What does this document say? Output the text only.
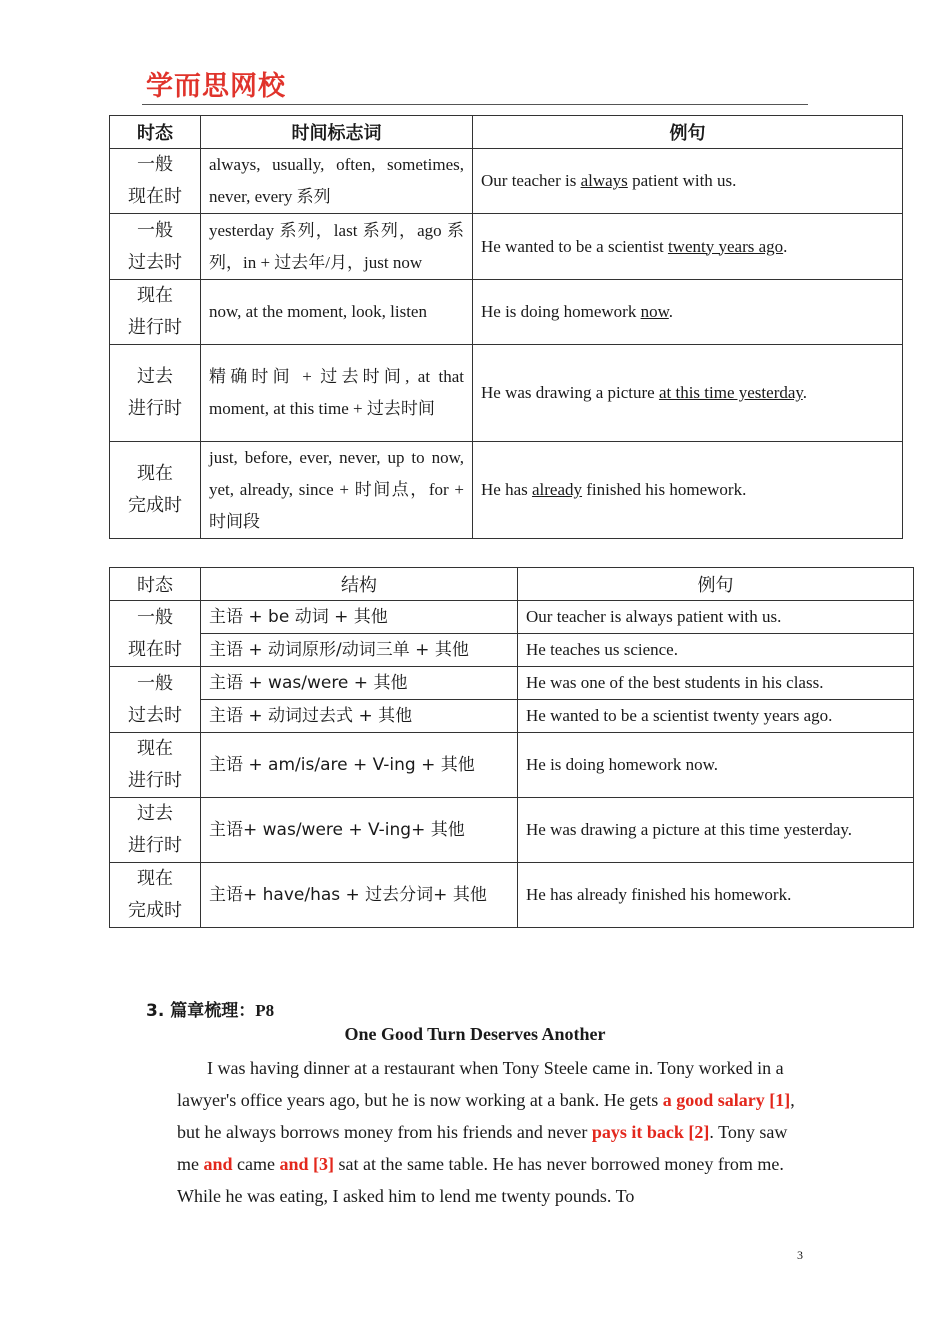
学而思网校
时态	时间标志词	例句

一般
现在时	always, usually, often, sometimes, never, every 系列	Our teacher is always patient with us.

一般
过去时	yesterday 系列，last 系列，ago 系列，in + 过去年/月，just now	He wanted to be a scientist twenty years ago.

现在
进行时	now, at the moment, look, listen	He is doing homework now.

过去
进行时	精确时间 + 过去时间, at that moment, at this time + 过去时间	He was drawing a picture at this time yesterday.

现在
完成时	just, before, ever, never, up to now, yet, already, since + 时间点，for + 时间段	He has already finished his homework.
时态	结构	例句

一般
现在时	主语 + be 动词 + 其他	Our teacher is always patient with us.
	主语 + 动词原形/动词三单 + 其他	He teaches us science.

一般
过去时	主语 + was/were + 其他	He was one of the best students in his class.
	主语 + 动词过去式 + 其他	He wanted to be a scientist twenty years ago.

现在
进行时	主语 + am/is/are + V-ing + 其他	He is doing homework now.

过去
进行时	主语+ was/were + V-ing+ 其他	He was drawing a picture at this time yesterday.

现在
完成时	主语+ have/has + 过去分词+ 其他	He has already finished his homework.
3. 篇章梳理：P8
One Good Turn Deserves Another

I was having dinner at a restaurant when Tony Steele came in. Tony worked in a lawyer's office years ago, but he is now working at a bank. He gets a good salary [1], but he always borrows money from his friends and never pays it back [2]. Tony saw me and came and [3] sat at the same table. He has never borrowed money from me. While he was eating, I asked him to lend me twenty pounds. To

3
